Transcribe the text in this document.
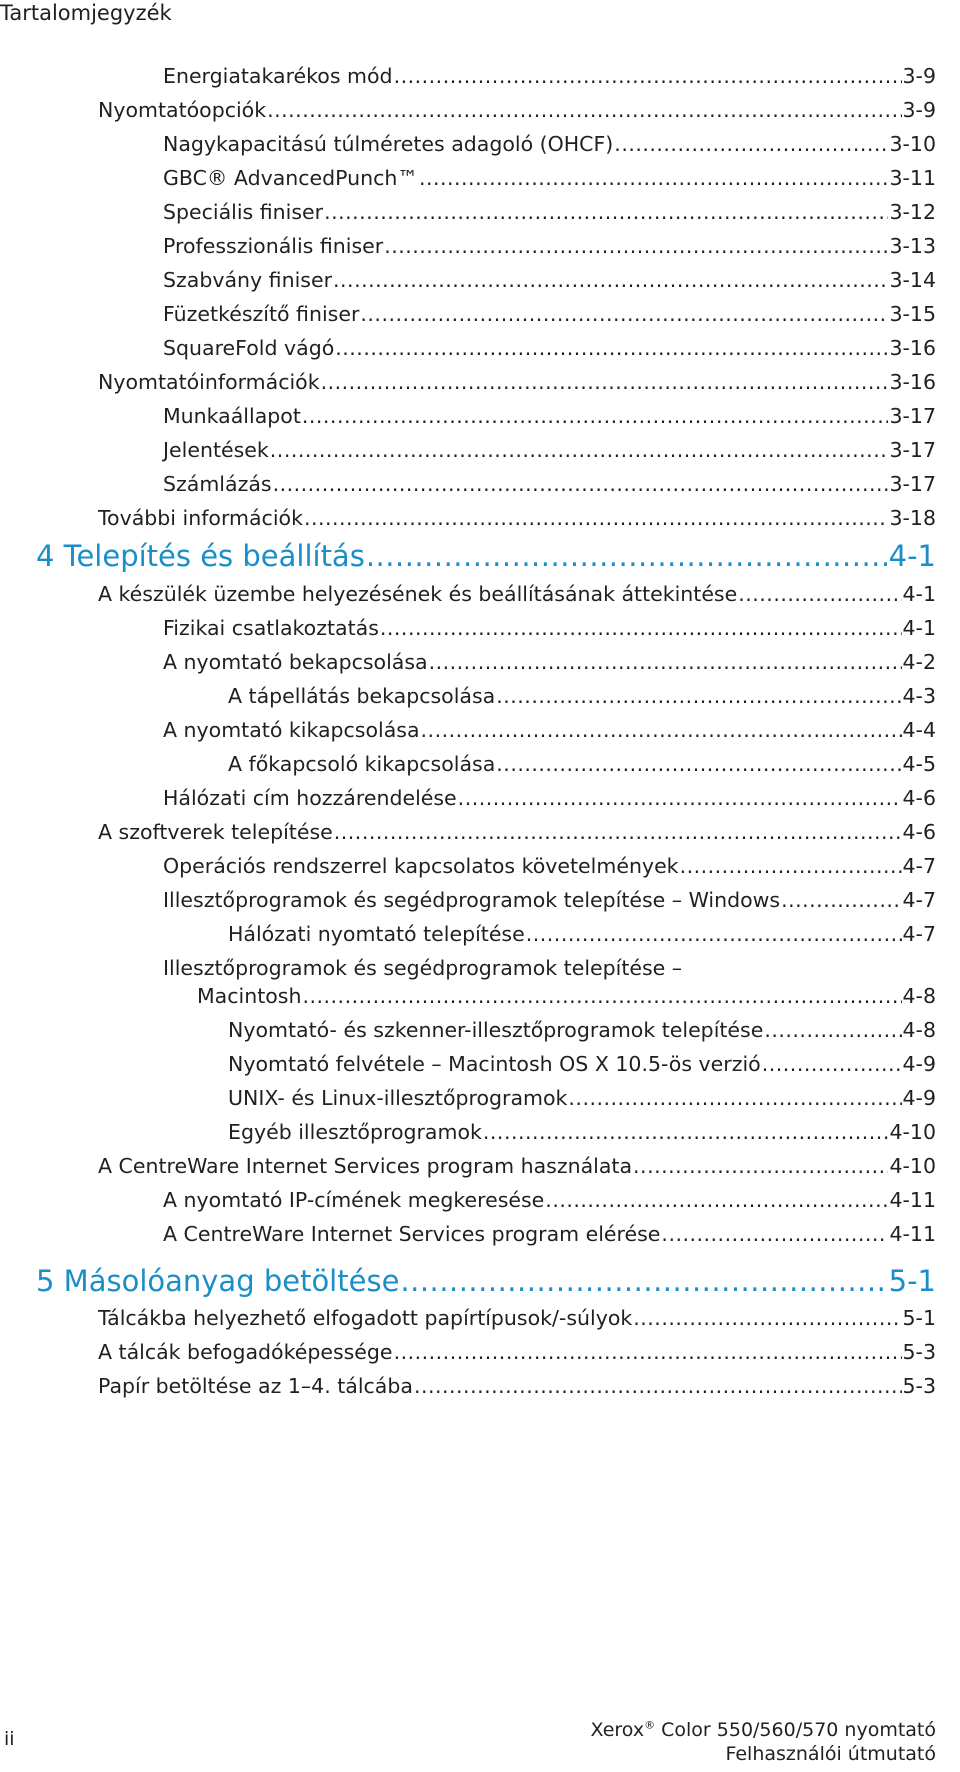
Tartalomjegyzék
Energiatakarékos mód .....	3-9
Nyomtatóopciók .....	3-9
Nagykapacitású túlméretes adagoló (OHCF) .....	3-10
GBC® AdvancedPunch™ .....	3-11
Speciális finiser .....	3-12
Professzionális finiser .....	3-13
Szabvány finiser .....	3-14
Füzetkészítő finiser .....	3-15
SquareFold vágó .....	3-16
Nyomtatóinformációk .....	3-16
Munkaállapot .....	3-17
Jelentések .....	3-17
Számlázás .....	3-17
További információk .....	3-18
4 Telepítés és beállítás .....	4-1
A készülék üzembe helyezésének és beállításának áttekintése .....	4-1
Fizikai csatlakoztatás .....	4-1
A nyomtató bekapcsolása .....	4-2
A tápellátás bekapcsolása .....	4-3
A nyomtató kikapcsolása .....	4-4
A főkapcsoló kikapcsolása .....	4-5
Hálózati cím hozzárendelése .....	4-6
A szoftverek telepítése .....	4-6
Operációs rendszerrel kapcsolatos követelmények .....	4-7
Illesztőprogramok és segédprogramok telepítése – Windows .....	4-7
Hálózati nyomtató telepítése .....	4-7
Illesztőprogramok és segédprogramok telepítése –
Macintosh .....	4-8
Nyomtató- és szkenner-illesztőprogramok telepítése .....	4-8
Nyomtató felvétele – Macintosh OS X 10.5-ös verzió .....	4-9
UNIX- és Linux-illesztőprogramok .....	4-9
Egyéb illesztőprogramok .....	4-10
A CentreWare Internet Services program használata .....	4-10
A nyomtató IP-címének megkeresése .....	4-11
A CentreWare Internet Services program elérése .....	4-11
5 Másolóanyag betöltése .....	5-1
Tálcákba helyezhető elfogadott papírtípusok/-súlyok .....	5-1
A tálcák befogadóképessége .....	5-3
Papír betöltése az 1–4. tálcába .....	5-3
ii	Xerox® Color 550/560/570 nyomtató
Felhasználói útmutató
